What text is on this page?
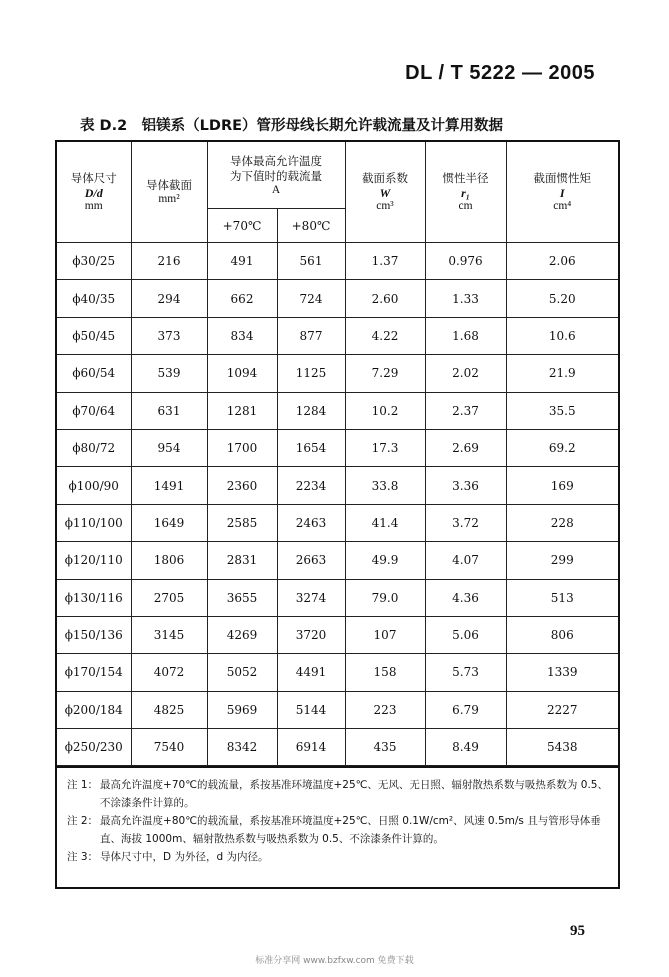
DL / T 5222 — 2005
表 D.2　铝镁系（LDRE）管形母线长期允许载流量及计算用数据
导体尺寸
D/d
mm	导体截面
mm²	导体最高允许温度
为下值时的载流量
A		截面系数
W
cm³	惯性半径
r₁
cm	截面惯性矩
I
cm⁴

		+70℃	+80℃			
ϕ30/25	216	491	561	1.37	0.976	2.06
ϕ40/35	294	662	724	2.60	1.33	5.20
ϕ50/45	373	834	877	4.22	1.68	10.6
ϕ60/54	539	1094	1125	7.29	2.02	21.9
ϕ70/64	631	1281	1284	10.2	2.37	35.5
ϕ80/72	954	1700	1654	17.3	2.69	69.2
ϕ100/90	1491	2360	2234	33.8	3.36	169
ϕ110/100	1649	2585	2463	41.4	3.72	228
ϕ120/110	1806	2831	2663	49.9	4.07	299
ϕ130/116	2705	3655	3274	79.0	4.36	513
ϕ150/136	3145	4269	3720	107	5.06	806
ϕ170/154	4072	5052	4491	158	5.73	1339
ϕ200/184	4825	5969	5144	223	6.79	2227
ϕ250/230	7540	8342	6914	435	8.49	5438
注 1： 最高允许温度+70℃的载流量，系按基准环境温度+25℃、无风、无日照、辐射散热系数与吸热系数为 0.5、不涂漆条件计算的。
注 2： 最高允许温度+80℃的载流量，系按基准环境温度+25℃、日照 0.1W/cm²、风速 0.5m/s 且与管形导体垂直、海拔 1000m、辐射散热系数与吸热系数为 0.5、不涂漆条件计算的。
注 3： 导体尺寸中，D 为外径，d 为内径。
95
标准分享网 www.bzfxw.com 免费下载
